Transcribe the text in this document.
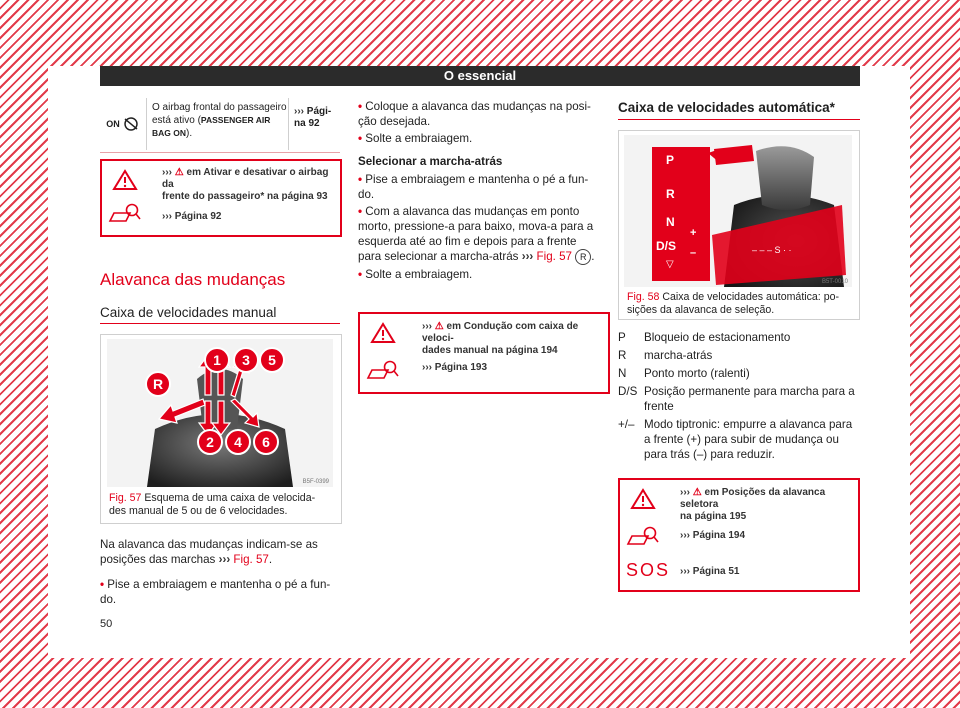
O essencial
ON
O airbag frontal do passageiro está ativo (PASSENGER AIR BAG ON).
››› Pági-
na 92
››› ⚠ em Ativar e desativar o airbag da
frente do passageiro* na página 93
››› Página 92
Alavanca das mudanças
Caixa de velocidades manual
1	3	5
R
2	4	6
B5F-0399
Fig. 57 Esquema de uma caixa de velocida-
des manual de 5 ou de 6 velocidades.
Na alavanca das mudanças indicam-se as
posições das marchas ››› Fig. 57.
• Pise a embraiagem e mantenha o pé a fun-
do.
• Coloque a alavanca das mudanças na posi-
ção desejada.
• Solte a embraiagem.
Selecionar a marcha-atrás
• Pise a embraiagem e mantenha o pé a fun-
do.
• Com a alavanca das mudanças em ponto
morto, pressione-a para baixo, mova-a para a
esquerda até ao fim e depois para a frente
para selecionar a marcha-atrás ››› Fig. 57 R .
• Solte a embraiagem.
››› ⚠ em Condução com caixa de veloci-
dades manual na página 194
››› Página 193
Caixa de velocidades automática*
– – – S · ·
P
R
N
D/S
+
–
▽
B5T-0010
Fig. 58 Caixa de velocidades automática: po-
sições da alavanca de seleção.
P	Bloqueio de estacionamento
R	marcha-atrás
N	Ponto morto (ralenti)
D/S Posição permanente para marcha para a
frente
+/– Modo tiptronic: empurre a alavanca para
a frente (+) para subir de mudança ou
para trás (–) para reduzir.
SOS
››› ⚠ em Posições da alavanca seletora
na página 195
››› Página 194
››› Página 51
50
